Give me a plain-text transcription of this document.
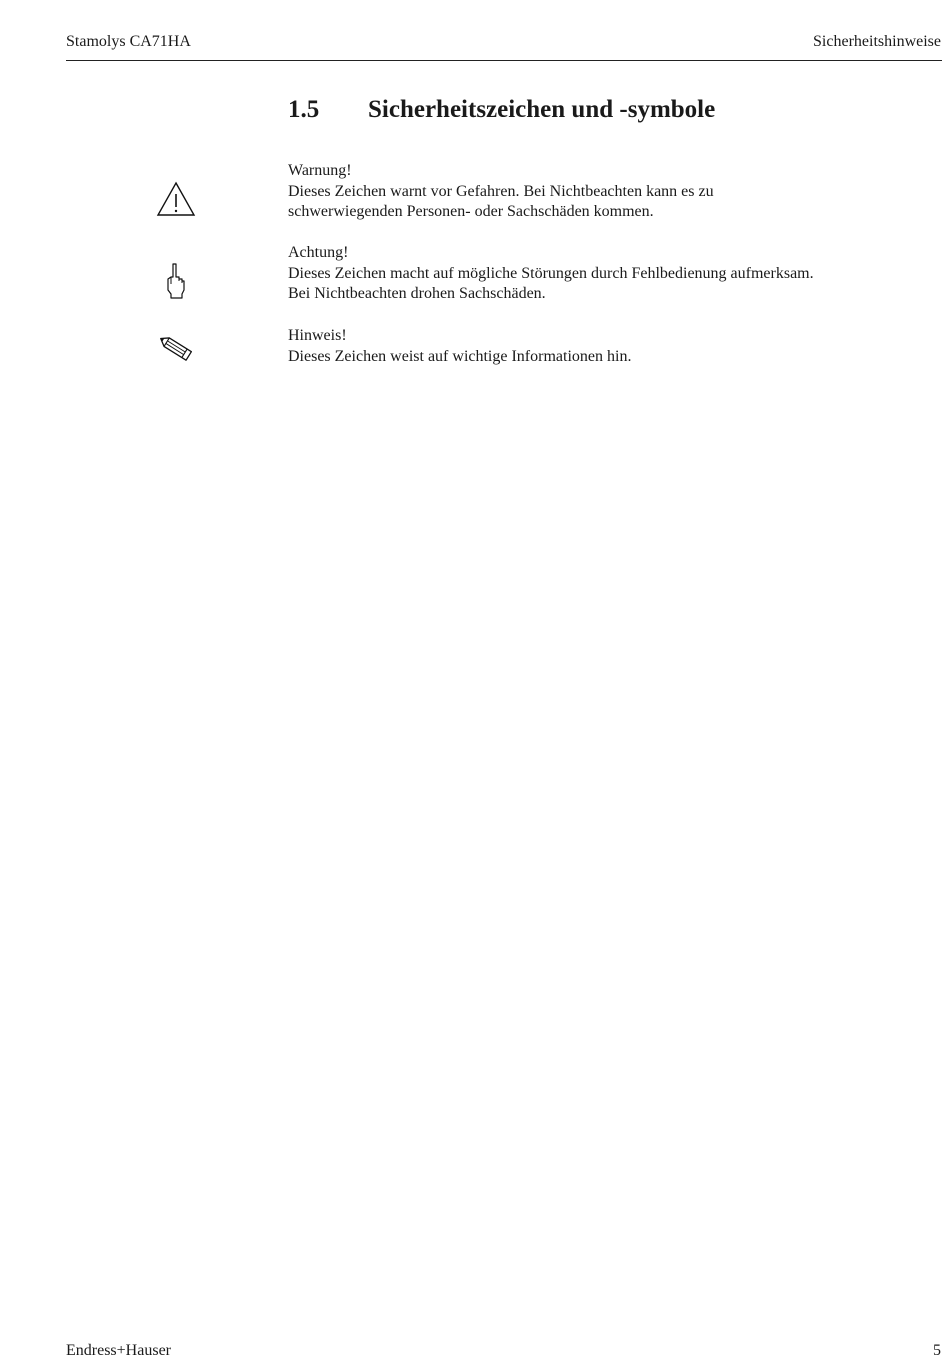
Stamolys CA71HA	Sicherheitshinweise
1.5 Sicherheitszeichen und -symbole

Warnung!

Dieses Zeichen warnt vor Gefahren. Bei Nichtbeachten kann es zu

schwerwiegenden Personen- oder Sachschäden kommen.

Achtung!

Dieses Zeichen macht auf mögliche Störungen durch Fehlbedienung aufmerksam.

Bei Nichtbeachten drohen Sachschäden.

Hinweis!

Dieses Zeichen weist auf wichtige Informationen hin.

Endress+Hauser	5
